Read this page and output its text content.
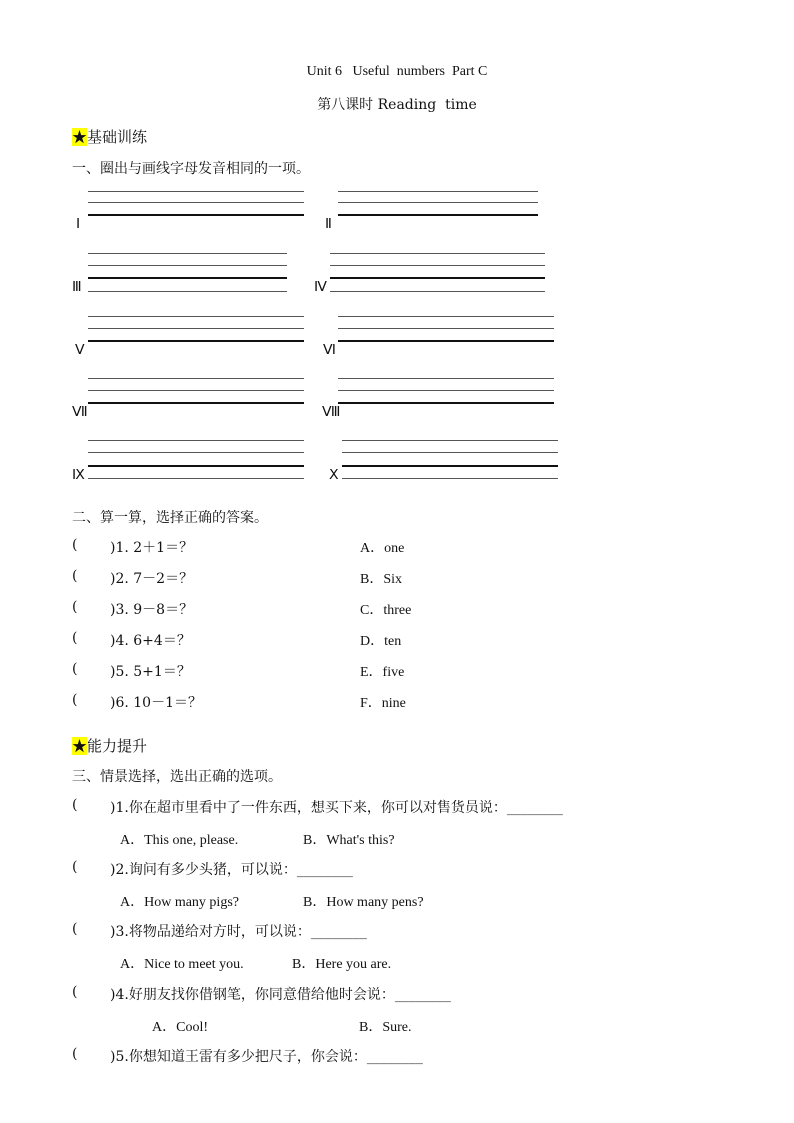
Unit 6   Useful  numbers  Part C
第八课时 Reading  time
★基础训练
一、圈出与画线字母发音相同的一项。
Ⅰ	Ⅱ
Ⅲ	Ⅳ
Ⅴ	Ⅵ
Ⅶ	Ⅷ
Ⅸ	Ⅹ
二、算一算，选择正确的答案。
( )1. 2＋1＝？	A．one
( )2. 7－2＝？	B．Six
( )3. 9－8＝？	C．three
( )4. 6+4＝？	D．ten
( )5. 5+1＝？	E．five
( )6. 10－1＝？	F．nine
★能力提升
三、情景选择，选出正确的选项。
( )1.你在超市里看中了一件东西，想买下来，你可以对售货员说：________
A．This one, please.	B．What's this?
( )2.询问有多少头猪，可以说：________
A．How many pigs?	B．How many pens?
( )3.将物品递给对方时，可以说：________
A．Nice to meet you.	B．Here you are.
( )4.好朋友找你借钢笔，你同意借给他时会说：________
A．Cool!	B．Sure.
( )5.你想知道王雷有多少把尺子，你会说：________
